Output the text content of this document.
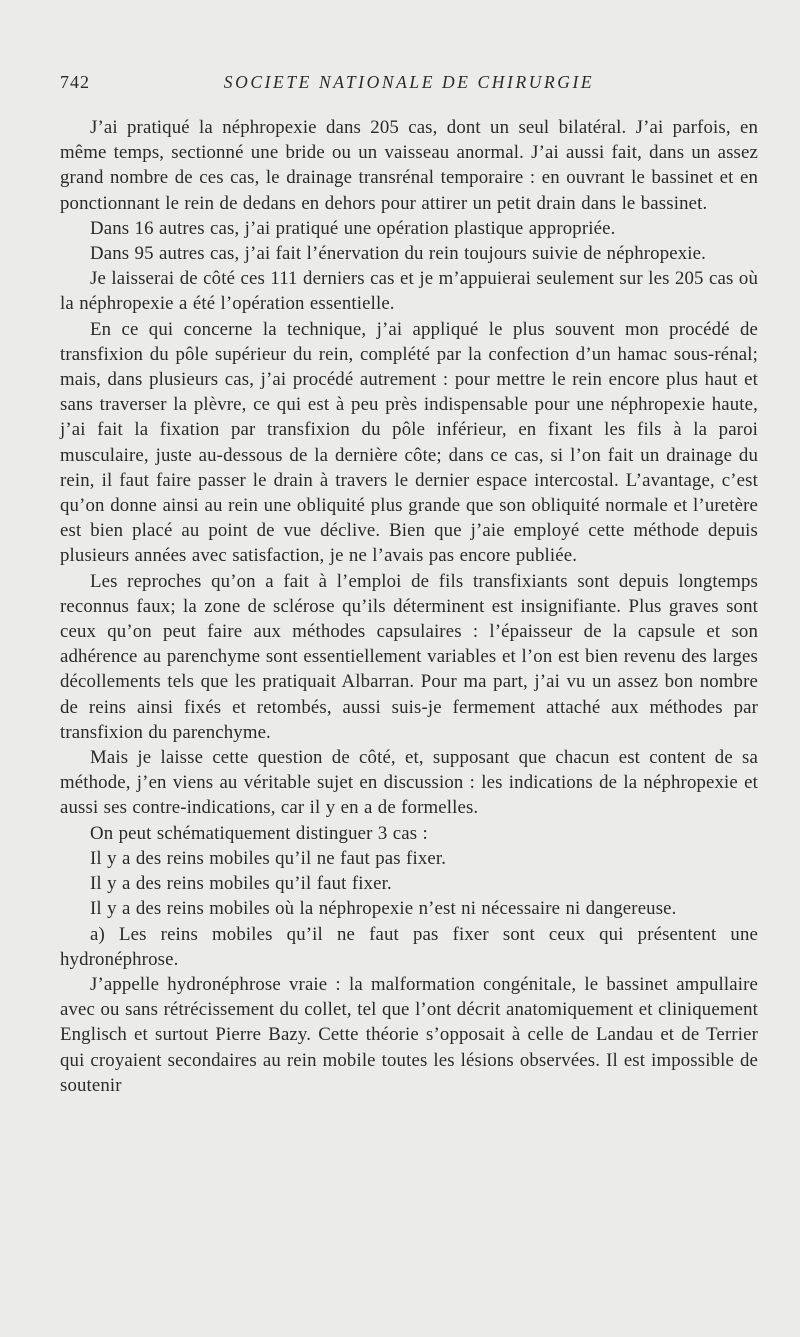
742	SOCIETE NATIONALE DE CHIRURGIE

J’ai pratiqué la néphropexie dans 205 cas, dont un seul bilatéral. J’ai parfois, en même temps, sectionné une bride ou un vaisseau anormal. J’ai aussi fait, dans un assez grand nombre de ces cas, le drainage transrénal temporaire : en ouvrant le bassinet et en ponctionnant le rein de dedans en dehors pour attirer un petit drain dans le bassinet.

Dans 16 autres cas, j’ai pratiqué une opération plastique appropriée.

Dans 95 autres cas, j’ai fait l’énervation du rein toujours suivie de néphropexie.

Je laisserai de côté ces 111 derniers cas et je m’appuierai seulement sur les 205 cas où la néphropexie a été l’opération essentielle.

En ce qui concerne la technique, j’ai appliqué le plus souvent mon procédé de transfixion du pôle supérieur du rein, complété par la confection d’un hamac sous-rénal; mais, dans plusieurs cas, j’ai procédé autrement : pour mettre le rein encore plus haut et sans traverser la plèvre, ce qui est à peu près indispensable pour une néphropexie haute, j’ai fait la fixation par transfixion du pôle inférieur, en fixant les fils à la paroi musculaire, juste au-dessous de la dernière côte; dans ce cas, si l’on fait un drainage du rein, il faut faire passer le drain à travers le dernier espace intercostal. L’avantage, c’est qu’on donne ainsi au rein une obliquité plus grande que son obliquité normale et l’uretère est bien placé au point de vue déclive. Bien que j’aie employé cette méthode depuis plusieurs années avec satisfaction, je ne l’avais pas encore publiée.

Les reproches qu’on a fait à l’emploi de fils transfixiants sont depuis longtemps reconnus faux; la zone de sclérose qu’ils déterminent est insignifiante. Plus graves sont ceux qu’on peut faire aux méthodes capsulaires : l’épaisseur de la capsule et son adhérence au parenchyme sont essentiellement variables et l’on est bien revenu des larges décollements tels que les pratiquait Albarran. Pour ma part, j’ai vu un assez bon nombre de reins ainsi fixés et retombés, aussi suis-je fermement attaché aux méthodes par transfixion du parenchyme.

Mais je laisse cette question de côté, et, supposant que chacun est content de sa méthode, j’en viens au véritable sujet en discussion : les indications de la néphropexie et aussi ses contre-indications, car il y en a de formelles.

On peut schématiquement distinguer 3 cas :

Il y a des reins mobiles qu’il ne faut pas fixer.

Il y a des reins mobiles qu’il faut fixer.

Il y a des reins mobiles où la néphropexie n’est ni nécessaire ni dangereuse.

a) Les reins mobiles qu’il ne faut pas fixer sont ceux qui présentent une hydronéphrose.

J’appelle hydronéphrose vraie : la malformation congénitale, le bassinet ampullaire avec ou sans rétrécissement du collet, tel que l’ont décrit anatomiquement et cliniquement Englisch et surtout Pierre Bazy. Cette théorie s’opposait à celle de Landau et de Terrier qui croyaient secondaires au rein mobile toutes les lésions observées. Il est impossible de soutenir
